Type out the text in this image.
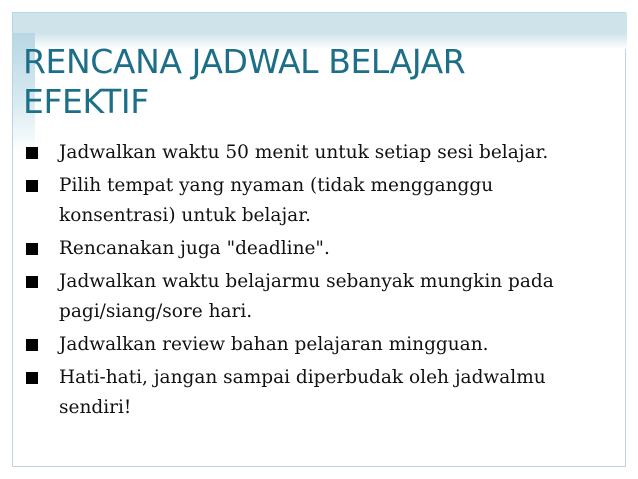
RENCANA JADWAL BELAJAR
EFEKTIF
Jadwalkan waktu 50 menit untuk setiap sesi belajar.
Pilih tempat yang nyaman (tidak mengganggu
konsentrasi) untuk belajar.
Rencanakan juga "deadline".
Jadwalkan waktu belajarmu sebanyak mungkin pada
pagi/siang/sore hari.
Jadwalkan review bahan pelajaran mingguan.
Hati-hati, jangan sampai diperbudak oleh jadwalmu
sendiri!
